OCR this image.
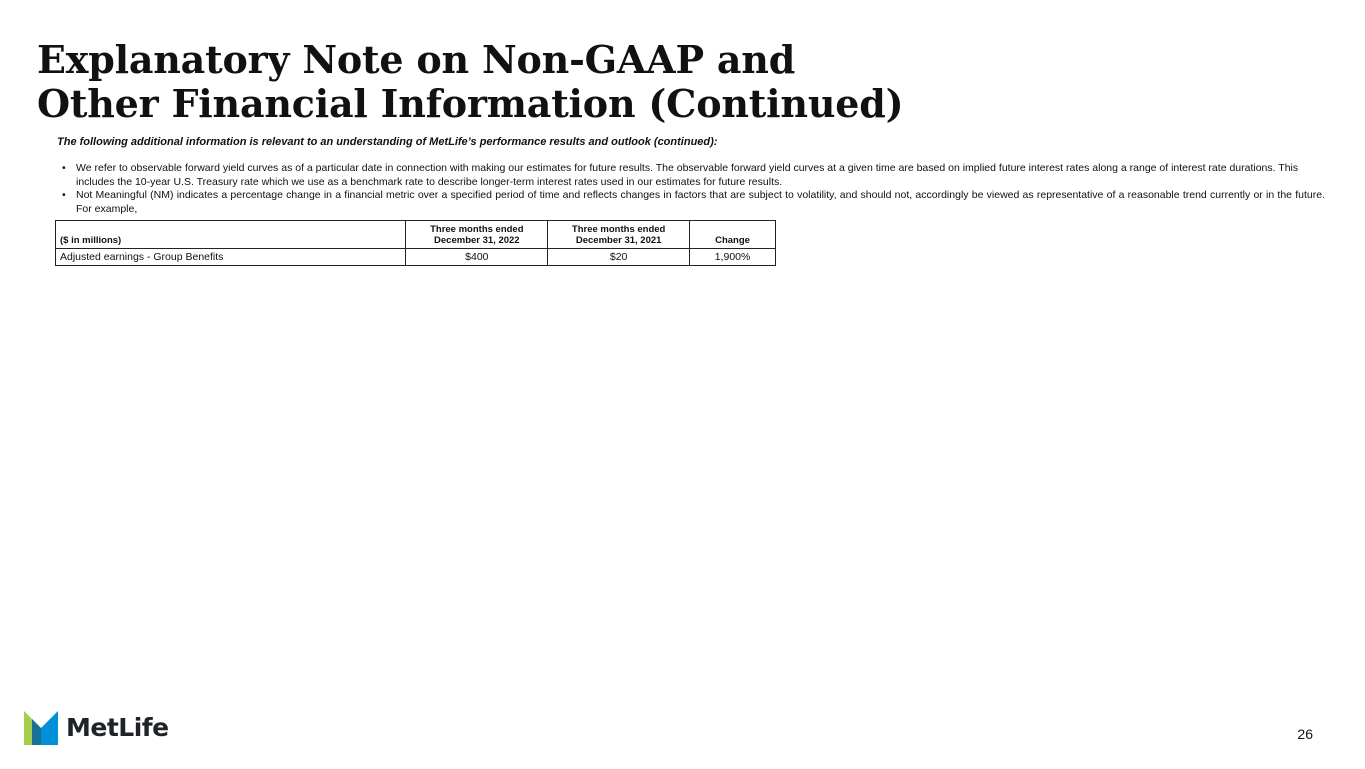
Explanatory Note on Non-GAAP and
Other Financial Information (Continued)

The following additional information is relevant to an understanding of MetLife’s performance results and outlook (continued):

• We refer to observable forward yield curves as of a particular date in connection with making our estimates for future results. The observable forward yield curves at a given time are based on implied future interest rates along a range of interest rate durations. This includes the 10-year U.S. Treasury rate which we use as a benchmark rate to describe longer-term interest rates used in our estimates for future results.
• Not Meaningful (NM) indicates a percentage change in a financial metric over a specified period of time and reflects changes in factors that are subject to volatility, and should not, accordingly be viewed as representative of a reasonable trend currently or in the future. For example,
($ in millions)	Three months ended December 31, 2022	Three months ended December 31, 2021	Change
Adjusted earnings - Group Benefits	$400	$20	1,900%
MetLife	26
